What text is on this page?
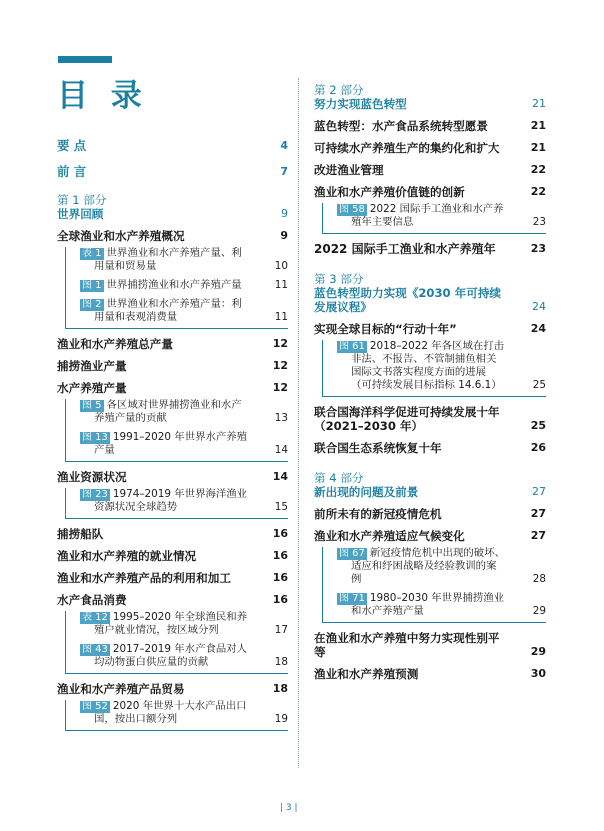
目 录
要 点	4
前 言	7
第 1 部分
世界回顾	9
全球渔业和水产养殖概况	9
表 1 世界渔业和水产养殖产量、利用量和贸易量	10
图 1 世界捕捞渔业和水产养殖产量	11
图 2 世界渔业和水产养殖产量：利用量和表观消费量	11
渔业和水产养殖总产量	12
捕捞渔业产量	12
水产养殖产量	12
图 5 各区域对世界捕捞渔业和水产养殖产量的贡献	13
图 13 1991–2020 年世界水产养殖产量	14
渔业资源状况	14
图 23 1974–2019 年世界海洋渔业资源状况全球趋势	15
捕捞船队	16
渔业和水产养殖的就业情况	16
渔业和水产养殖产品的利用和加工	16
水产食品消费	16
表 12 1995–2020 年全球渔民和养殖户就业情况，按区域分列	17
图 43 2017–2019 年水产食品对人均动物蛋白供应量的贡献	18
渔业和水产养殖产品贸易	18
图 52 2020 年世界十大水产品出口国，按出口额分列	19
第 2 部分
努力实现蓝色转型	21
蓝色转型：水产食品系统转型愿景	21
可持续水产养殖生产的集约化和扩大	21
改进渔业管理	22
渔业和水产养殖价值链的创新	22
图 58 2022 国际手工渔业和水产养殖年主要信息	23
2022 国际手工渔业和水产养殖年	23
第 3 部分
蓝色转型助力实现《2030 年可持续发展议程》	24
实现全球目标的“行动十年”	24
图 61 2018–2022 年各区域在打击非法、不报告、不管制捕鱼相关国际文书落实程度方面的进展（可持续发展目标指标 14.6.1）	25
联合国海洋科学促进可持续发展十年（2021–2030 年）	25
联合国生态系统恢复十年	26
第 4 部分
新出现的问题及前景	27
前所未有的新冠疫情危机	27
渔业和水产养殖适应气候变化	27
图 67 新冠疫情危机中出现的破坏、适应和纾困战略及经验教训的案例	28
图 71 1980–2030 年世界捕捞渔业和水产养殖产量	29
在渔业和水产养殖中努力实现性别平等	29
渔业和水产养殖预测	30
| 3 |
